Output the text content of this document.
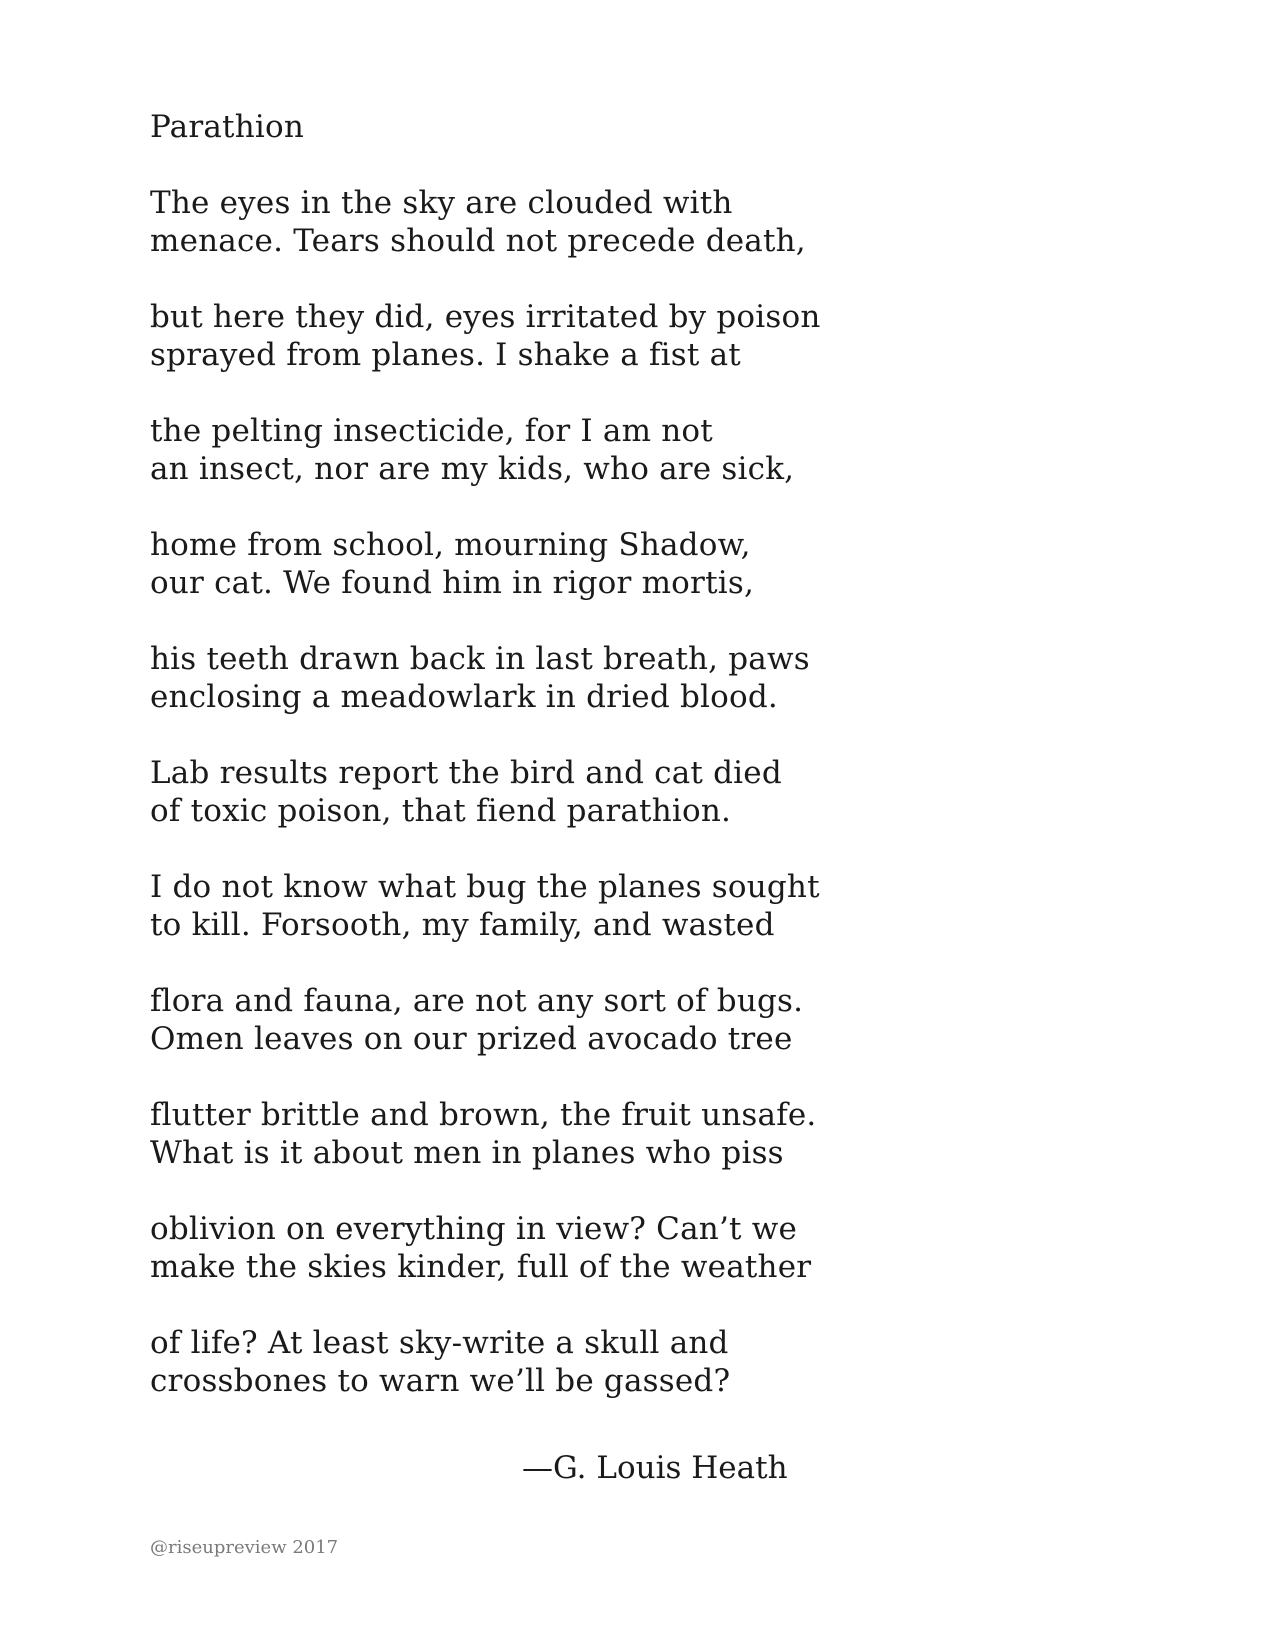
Parathion
The eyes in the sky are clouded with
menace. Tears should not precede death,
but here they did, eyes irritated by poison
sprayed from planes. I shake a fist at
the pelting insecticide, for I am not
an insect, nor are my kids, who are sick,
home from school, mourning Shadow,
our cat. We found him in rigor mortis,
his teeth drawn back in last breath, paws
enclosing a meadowlark in dried blood.
Lab results report the bird and cat died
of toxic poison, that fiend parathion.
I do not know what bug the planes sought
to kill. Forsooth, my family, and wasted
flora and fauna, are not any sort of bugs.
Omen leaves on our prized avocado tree
flutter brittle and brown, the fruit unsafe.
What is it about men in planes who piss
oblivion on everything in view? Can’t we
make the skies kinder, full of the weather
of life? At least sky-write a skull and
crossbones to warn we’ll be gassed?
—G. Louis Heath
@riseupreview 2017
